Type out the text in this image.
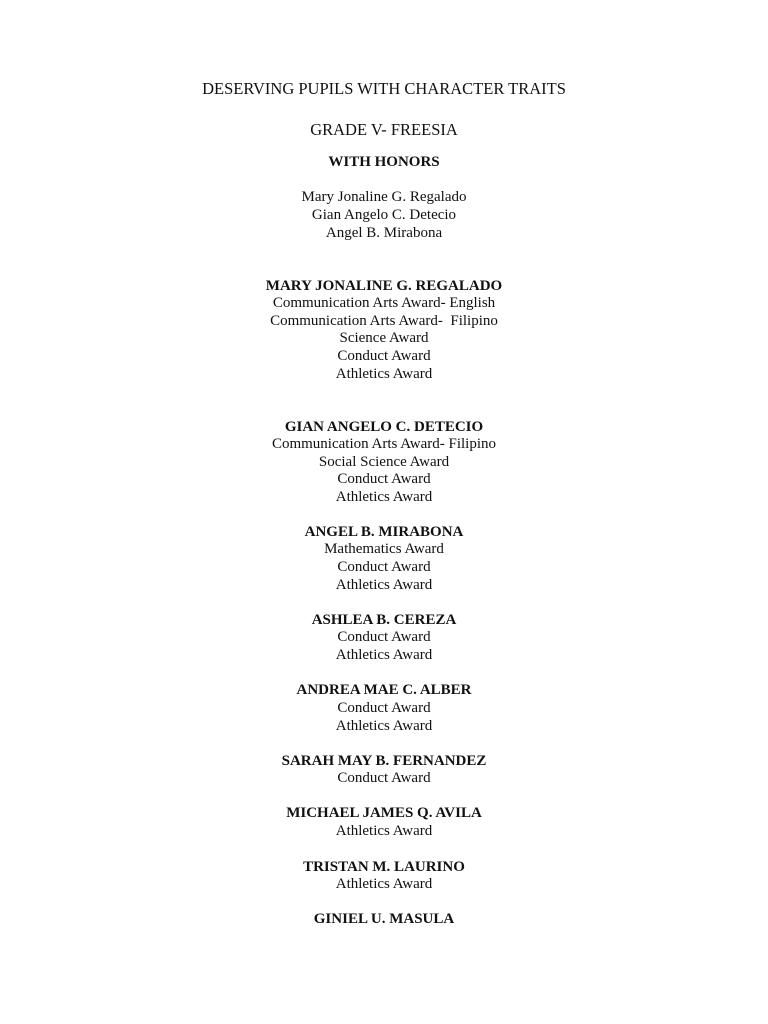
DESERVING PUPILS WITH CHARACTER TRAITS
GRADE V- FREESIA
WITH HONORS
Mary Jonaline G. Regalado
Gian Angelo C. Detecio
Angel B. Mirabona
MARY JONALINE G. REGALADO
Communication Arts Award- English
Communication Arts Award-  Filipino
Science Award
Conduct Award
Athletics Award
GIAN ANGELO C. DETECIO
Communication Arts Award- Filipino
Social Science Award
Conduct Award
Athletics Award
ANGEL B. MIRABONA
Mathematics Award
Conduct Award
Athletics Award
ASHLEA B. CEREZA
Conduct Award
Athletics Award
ANDREA MAE C. ALBER
Conduct Award
Athletics Award
SARAH MAY B. FERNANDEZ
Conduct Award
MICHAEL JAMES Q. AVILA
Athletics Award
TRISTAN M. LAURINO
Athletics Award
GINIEL U. MASULA
